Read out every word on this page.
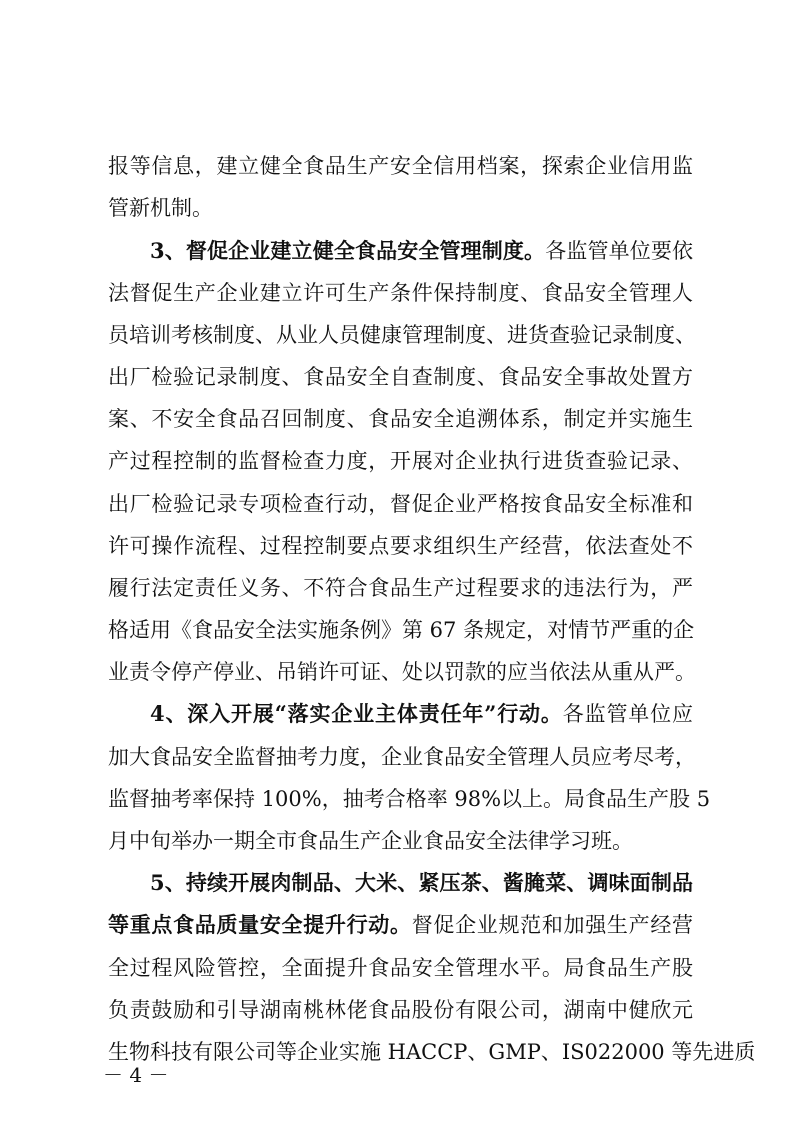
报等信息，建立健全食品生产安全信用档案，探索企业信用监
管新机制。
3、督促企业建立健全食品安全管理制度。各监管单位要依
法督促生产企业建立许可生产条件保持制度、食品安全管理人
员培训考核制度、从业人员健康管理制度、进货查验记录制度、
出厂检验记录制度、食品安全自查制度、食品安全事故处置方
案、不安全食品召回制度、食品安全追溯体系，制定并实施生
产过程控制的监督检查力度，开展对企业执行进货查验记录、
出厂检验记录专项检查行动，督促企业严格按食品安全标准和
许可操作流程、过程控制要点要求组织生产经营，依法查处不
履行法定责任义务、不符合食品生产过程要求的违法行为，严
格适用《食品安全法实施条例》第 67 条规定，对情节严重的企
业责令停产停业、吊销许可证、处以罚款的应当依法从重从严。
4、深入开展“落实企业主体责任年”行动。各监管单位应
加大食品安全监督抽考力度，企业食品安全管理人员应考尽考，
监督抽考率保持 100%，抽考合格率 98%以上。局食品生产股 5
月中旬举办一期全市食品生产企业食品安全法律学习班。
5、持续开展肉制品、大米、紧压茶、酱腌菜、调味面制品
等重点食品质量安全提升行动。督促企业规范和加强生产经营
全过程风险管控，全面提升食品安全管理水平。局食品生产股
负责鼓励和引导湖南桃林佬食品股份有限公司，湖南中健欣元
生物科技有限公司等企业实施 HACCP、GMP、IS022000 等先进质
－ 4 －
